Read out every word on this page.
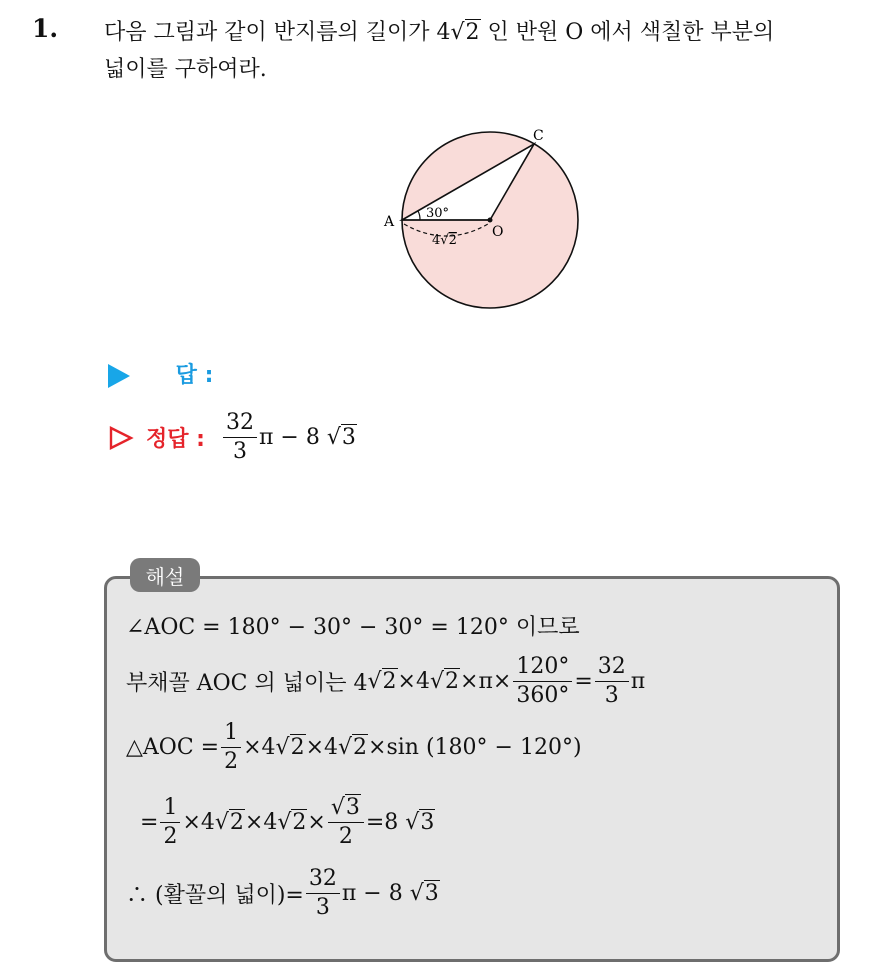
1. 다음 그림과 같이 반지름의 길이가 4√2 인 반원 O 에서 색칠한 부분의
넓이를 구하여라.
A
C
O
30°
4√2
답 :
정답 : $\frac{32}{3}$ π − 8
√3
해설
∠AOC = 180° − 30° − 30° = 120° 이므로
부채꼴 AOC 의 넓이는 4 √2 × 4 $√2 \times \pi \times \frac{120^\circ}{360^\circ} = \frac{32}{3}$ π
△AOC = $\frac{1}{2} \times 4$ √2 × 4 √2 × sin (180° − 120°)
= $\frac{1}{2} \times 4$ √2 × 4 $√2 \times \frac{√3}{2} = 8$
√3
∴ (활꼴의 넓이)= $\frac{32}{3}$ π − 8
√3
